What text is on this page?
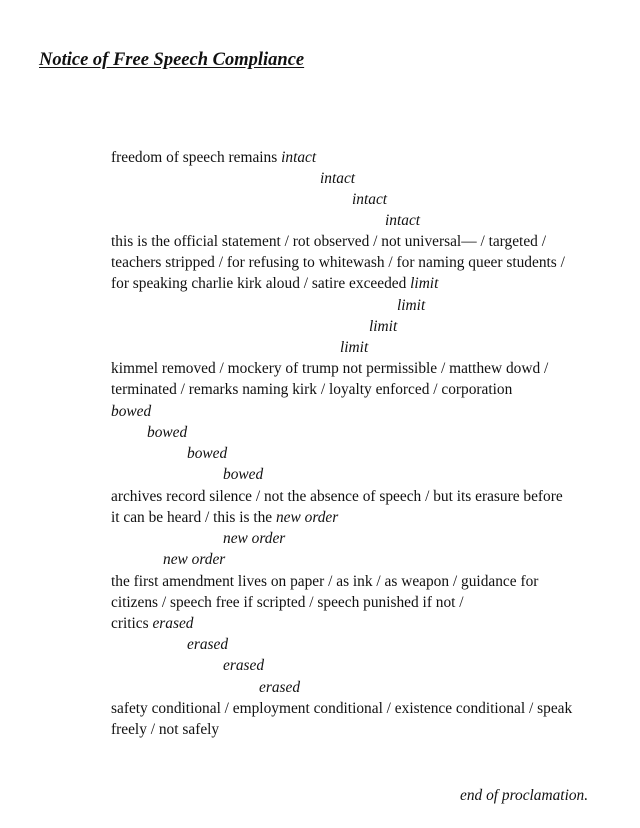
Notice of Free Speech Compliance
freedom of speech remains intact
intact
intact
intact
this is the official statement / rot observed / not universal— / targeted /
teachers stripped / for refusing to whitewash / for naming queer students /
for speaking charlie kirk aloud / satire exceeded limit
limit
limit
limit
kimmel removed / mockery of trump not permissible / matthew dowd /
terminated / remarks naming kirk / loyalty enforced / corporation
bowed
bowed
bowed
bowed
archives record silence / not the absence of speech / but its erasure before
it can be heard / this is the new order
new order
new order
the first amendment lives on paper / as ink / as weapon / guidance for
citizens / speech free if scripted / speech punished if not /
critics erased
erased
erased
erased
safety conditional / employment conditional / existence conditional / speak
freely / not safely
end of proclamation.
